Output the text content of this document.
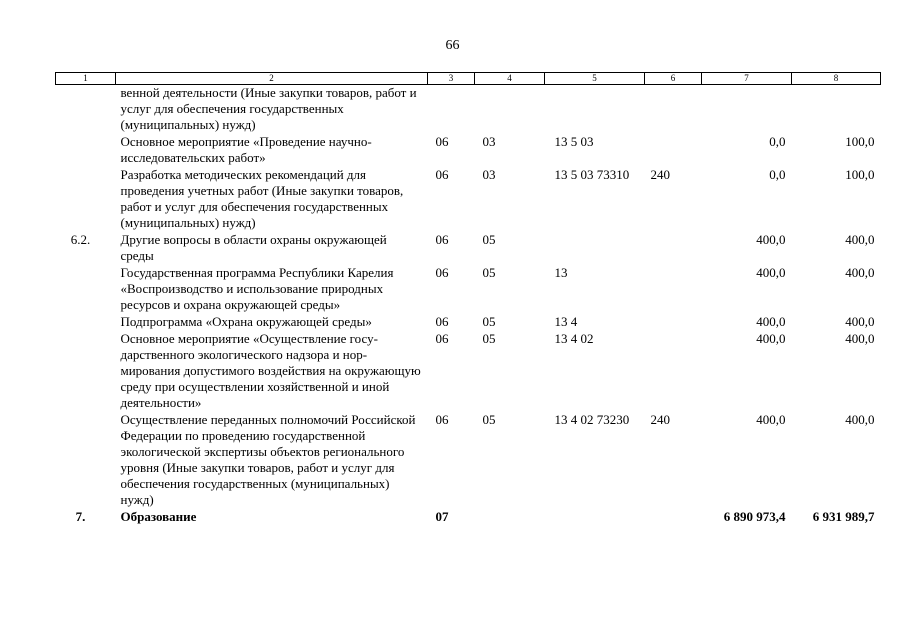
66
1	2	3	4	5	6	7	8
	венной деятельности (Иные закупки товаров, работ и услуг для обеспечения государственных (муниципальных) нужд)						
	Основное мероприятие «Проведение научно-исследовательских работ»	06	03	13 5 03		0,0	100,0
	Разработка методических рекомендаций для проведения учетных работ (Иные закупки товаров, работ и услуг для обеспечения государственных (муниципальных) нужд)	06	03	13 5 03 73310	240	0,0	100,0
6.2.	Другие вопросы в области охраны окружающей среды	06	05			400,0	400,0
	Государственная программа Республики Карелия «Воспроизводство и использование природных ресурсов и охрана окружающей среды»	06	05	13		400,0	400,0
	Подпрограмма «Охрана окружающей среды»	06	05	13 4		400,0	400,0
	Основное мероприятие «Осуществление государственного экологического надзора и нормирования допустимого воздействия на окружающую среду при осуществлении хозяйственной и иной деятельности»	06	05	13 4 02		400,0	400,0
	Осуществление переданных полномочий Российской Федерации по проведению государственной экологической экспертизы объектов регионального уровня (Иные закупки товаров, работ и услуг для обеспечения государственных (муниципальных) нужд)	06	05	13 4 02 73230	240	400,0	400,0
7.	Образование	07				6 890 973,4	6 931 989,7
